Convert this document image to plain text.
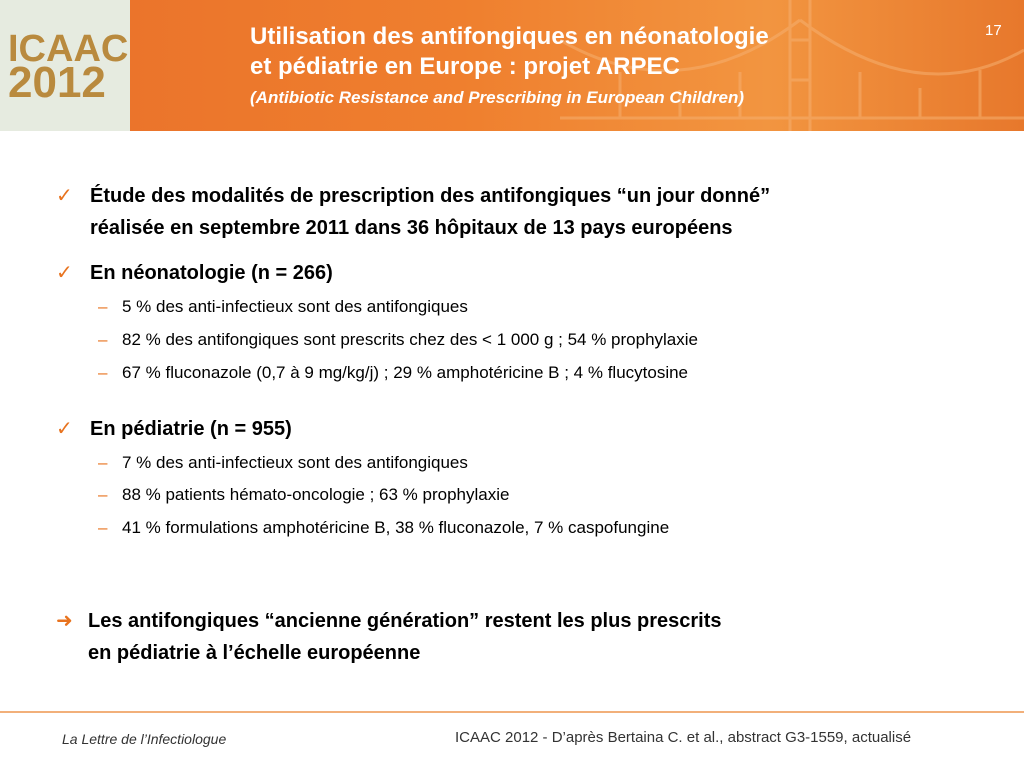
ICAAC
2012
Utilisation des antifongiques en néonatologie
et pédiatrie en Europe : projet ARPEC
(Antibiotic Resistance and Prescribing in European Children)
17
✓ Étude des modalités de prescription des antifongiques “un jour donné”
réalisée en septembre 2011 dans 36 hôpitaux de 13 pays européens
✓ En néonatologie (n = 266)
– 5 % des anti-infectieux sont des antifongiques
– 82 % des antifongiques sont prescrits chez des < 1 000 g ; 54 % prophylaxie
– 67 % fluconazole (0,7 à 9 mg/kg/j) ; 29 % amphotéricine B ; 4 % flucytosine
✓ En pédiatrie (n = 955)
– 7 % des anti-infectieux sont des antifongiques
– 88 % patients hémato-oncologie ; 63 % prophylaxie
– 41 % formulations amphotéricine B, 38 % fluconazole, 7 % caspofungine
➜ Les antifongiques “ancienne génération” restent les plus prescrits
en pédiatrie à l’échelle européenne
La Lettre de l’Infectiologue	ICAAC 2012 - D’après Bertaina C. et al., abstract G3-1559, actualisé
